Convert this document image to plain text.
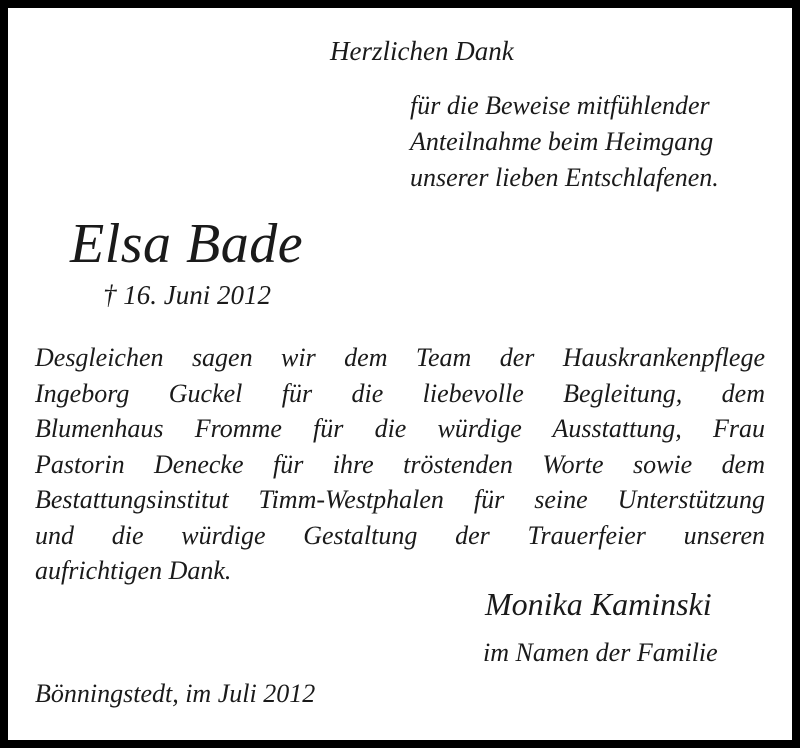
Herzlichen Dank
für die Beweise mitfühlender
Anteilnahme beim Heimgang
unserer lieben Entschlafenen.
Elsa Bade
† 16. Juni 2012
Desgleichen sagen wir dem Team der Hauskrankenpflege
Ingeborg Guckel für die liebevolle Begleitung, dem
Blumenhaus Fromme für die würdige Ausstattung, Frau
Pastorin Denecke für ihre tröstenden Worte sowie dem
Bestattungsinstitut Timm-Westphalen für seine Unterstützung
und die würdige Gestaltung der Trauerfeier unseren
aufrichtigen Dank.
Monika Kaminski
im Namen der Familie
Bönningstedt, im Juli 2012
